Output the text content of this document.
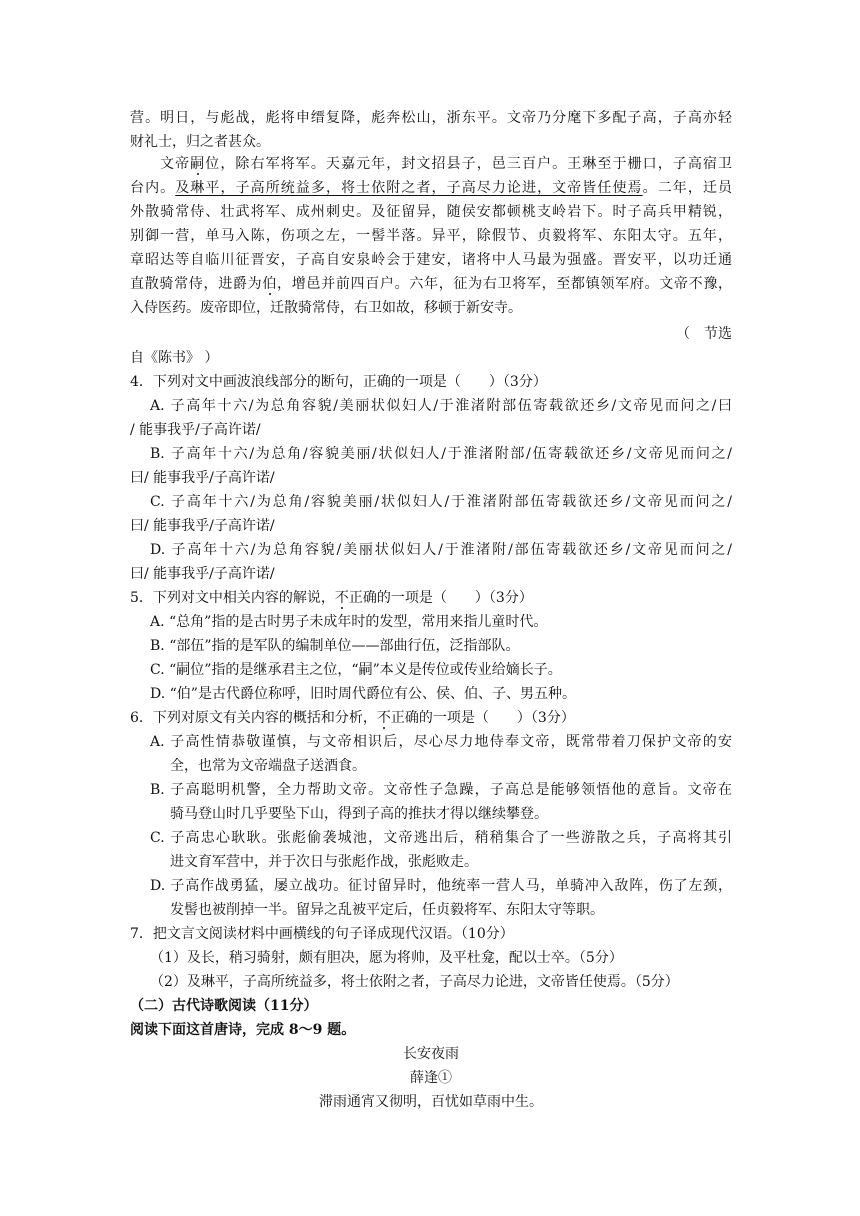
营。明日，与彪战，彪将申缙复降，彪奔松山，浙东平。文帝乃分麾下多配子高，子高亦轻
财礼士，归之者甚众。
文帝嗣位，除右军将军。天嘉元年，封文招县子，邑三百户。王琳至于栅口，子高宿卫
台内。及琳平，子高所统益多，将士依附之者，子高尽力论进，文帝皆任使焉。二年，迁员
外散骑常侍、壮武将军、成州刺史。及征留异，随侯安都顿桃支岭岩下。时子高兵甲精锐，
别御一营，单马入陈，伤项之左，一髻半落。异平，除假节、贞毅将军、东阳太守。五年，
章昭达等自临川征晋安，子高自安泉岭会于建安，诸将中人马最为强盛。晋安平，以功迁通
直散骑常侍，进爵为伯，增邑并前四百户。六年，征为右卫将军，至都镇领军府。文帝不豫，
入侍医药。废帝即位，迁散骑常侍，右卫如故，移顿于新安寺。
（　节选
自《陈书》 ）
4．下列对文中画波浪线部分的断句，正确的一项是（　　）（3分）
A. 子高年十六/为总角容貌/美丽状似妇人/于淮渚附部伍寄载欲还乡/文帝见而问之/曰
/ 能事我乎/子高许诺/
B. 子高年十六/为总角/容貌美丽/状似妇人/于淮渚附部/伍寄载欲还乡/文帝见而问之/
曰/ 能事我乎/子高许诺/
C. 子高年十六/为总角/容貌美丽/状似妇人/于淮渚附部伍寄载欲还乡/文帝见而问之/
曰/ 能事我乎/子高许诺/
D. 子高年十六/为总角容貌/美丽状似妇人/于淮渚附/部伍寄载欲还乡/文帝见而问之/
曰/ 能事我乎/子高许诺/
5．下列对文中相关内容的解说，不正确的一项是（　　）（3分）
A. “总角”指的是古时男子未成年时的发型，常用来指儿童时代。
B. “部伍”指的是军队的编制单位——部曲行伍，泛指部队。
C. “嗣位”指的是继承君主之位，“嗣”本义是传位或传业给嫡长子。
D. “伯”是古代爵位称呼，旧时周代爵位有公、侯、伯、子、男五种。
6．下列对原文有关内容的概括和分析，不正确的一项是（　　）（3分）
A. 子高性情恭敬谨慎，与文帝相识后，尽心尽力地侍奉文帝，既常带着刀保护文帝的安
全，也常为文帝端盘子送酒食。
B. 子高聪明机警，全力帮助文帝。文帝性子急躁，子高总是能够领悟他的意旨。文帝在
骑马登山时几乎要坠下山，得到子高的推扶才得以继续攀登。
C. 子高忠心耿耿。张彪偷袭城池，文帝逃出后，稍稍集合了一些游散之兵，子高将其引
进文育军营中，并于次日与张彪作战，张彪败走。
D. 子高作战勇猛，屡立战功。征讨留异时，他统率一营人马，单骑冲入敌阵，伤了左颈，
发髻也被削掉一半。留异之乱被平定后，任贞毅将军、东阳太守等职。
7．把文言文阅读材料中画横线的句子译成现代汉语。（10分）
（1）及长，稍习骑射，颇有胆决，愿为将帅，及平杜龛，配以士卒。（5分）
（2）及琳平，子高所统益多，将士依附之者，子高尽力论进，文帝皆任使焉。（5分）
（二）古代诗歌阅读（11分）
阅读下面这首唐诗，完成 8～9 题。
长安夜雨
薛逢①
滞雨通宵又彻明，百忧如草雨中生。
